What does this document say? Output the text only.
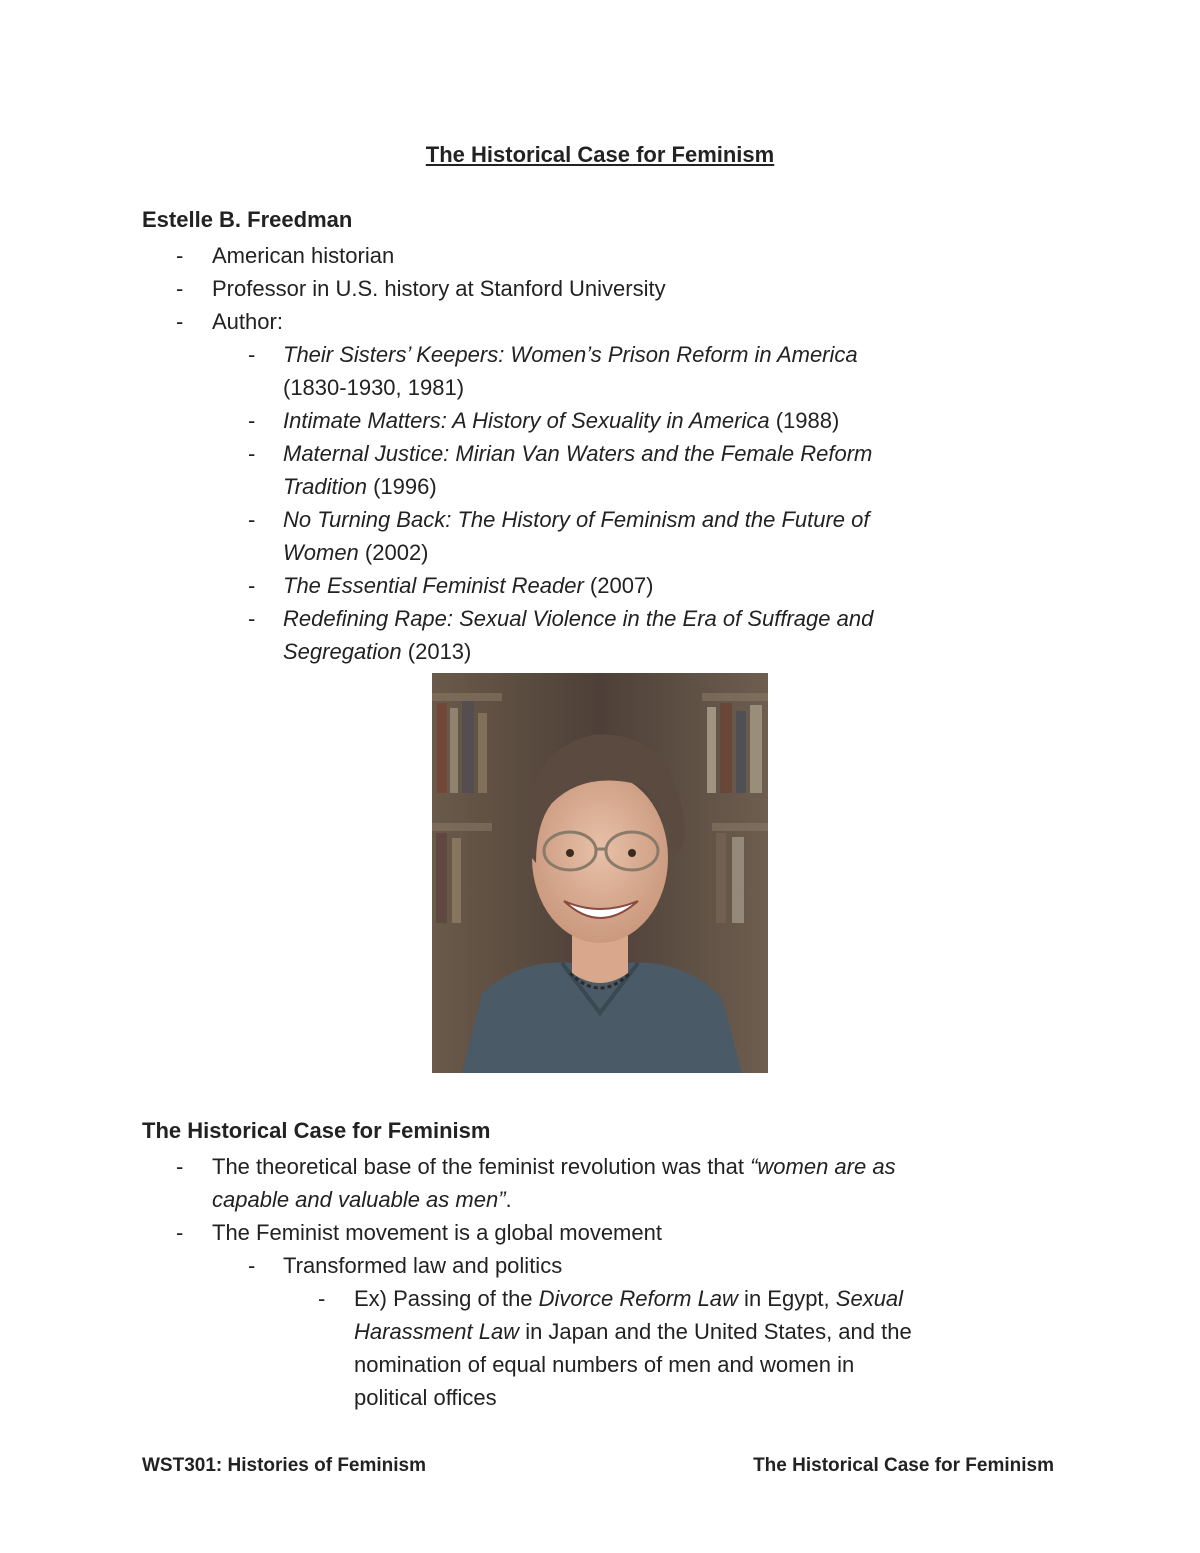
The Historical Case for Feminism
Estelle B. Freedman
- American historian
- Professor in U.S. history at Stanford University
- Author:
- Their Sisters’ Keepers: Women’s Prison Reform in America
(1830-1930, 1981)
- Intimate Matters: A History of Sexuality in America (1988)
- Maternal Justice: Mirian Van Waters and the Female Reform
Tradition (1996)
- No Turning Back: The History of Feminism and the Future of
Women (2002)
- The Essential Feminist Reader (2007)
- Redefining Rape: Sexual Violence in the Era of Suffrage and
Segregation (2013)
The Historical Case for Feminism
- The theoretical base of the feminist revolution was that “women are as
capable and valuable as men”.
- The Feminist movement is a global movement
- Transformed law and politics
- Ex) Passing of the Divorce Reform Law in Egypt, Sexual
Harassment Law in Japan and the United States, and the
nomination of equal numbers of men and women in
political offices
WST301: Histories of Feminism	The Historical Case for Feminism
